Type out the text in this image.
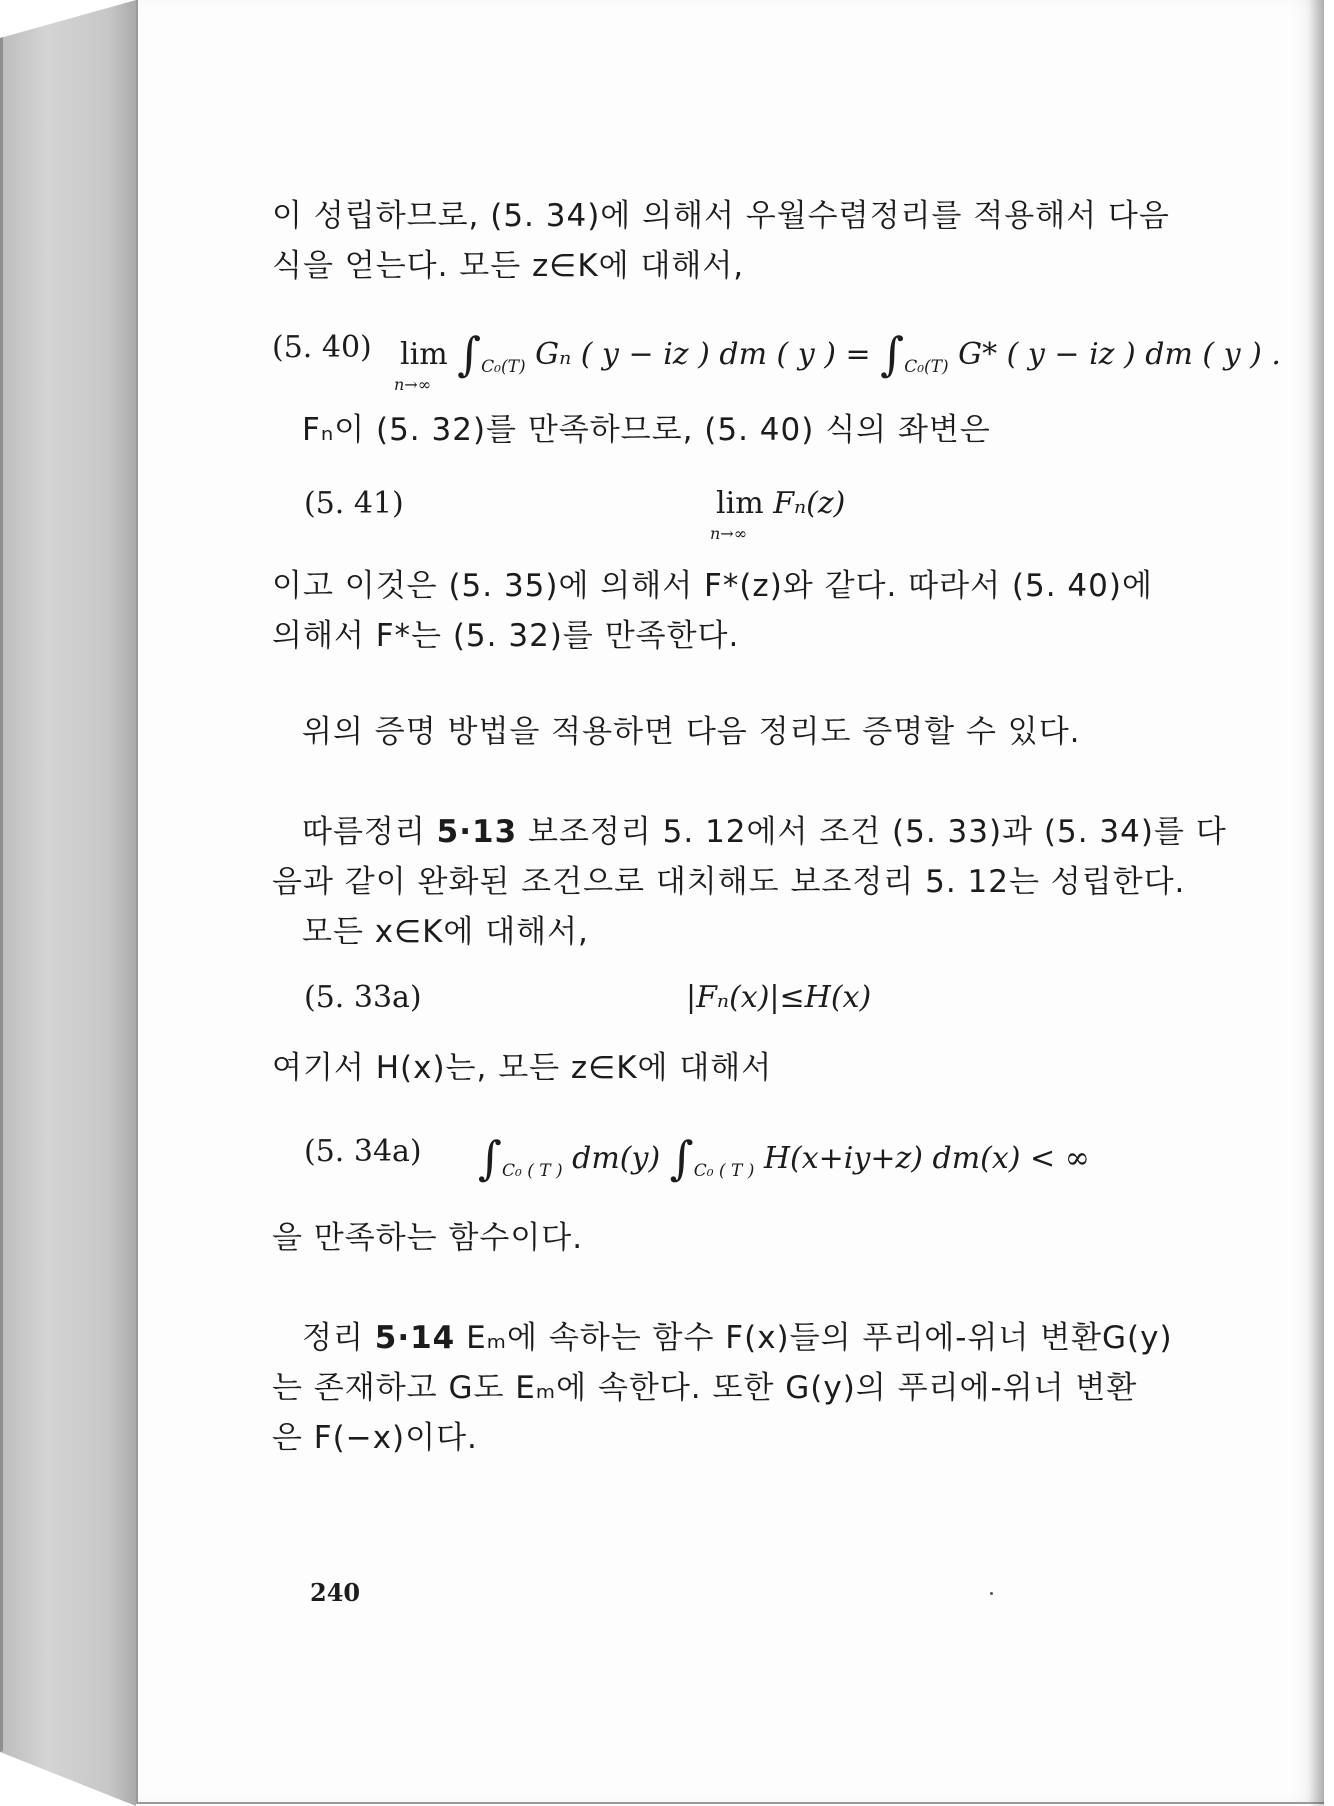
이 성립하므로, (5. 34)에 의해서 우월수렴정리를 적용해서 다음
식을 얻는다. 모든 z∈K에 대해서,
(5. 40) lim
n→∞
$\int_{C_0(T)}$ Gₙ ( y − iz ) dm ( y ) = $\int_{C_0(T)}$ G* ( y − iz ) dm ( y ) .
Fₙ이 (5. 32)를 만족하므로, (5. 40) 식의 좌변은
(5. 41)	lim
n→∞
Fₙ(z)
이고 이것은 (5. 35)에 의해서 F*(z)와 같다. 따라서 (5. 40)에
의해서 F*는 (5. 32)를 만족한다.
위의 증명 방법을 적용하면 다음 정리도 증명할 수 있다.
따름정리 5·13 보조정리 5. 12에서 조건 (5. 33)과 (5. 34)를 다
음과 같이 완화된 조건으로 대치해도 보조정리 5. 12는 성립한다.
모든 x∈K에 대해서,
(5. 33a)	|Fₙ(x)|≤H(x)
여기서 H(x)는, 모든 z∈K에 대해서
(5. 34a) $\int_{C_0 ( T )}$ dm(y) $\int_{C_0 ( T )}$ H(x+iy+z) dm(x) < ∞
을 만족하는 함수이다.
정리 5·14 Eₘ에 속하는 함수 F(x)들의 푸리에-위너 변환G(y)
는 존재하고 G도 Eₘ에 속한다. 또한 G(y)의 푸리에-위너 변환
은 F(−x)이다.
240
